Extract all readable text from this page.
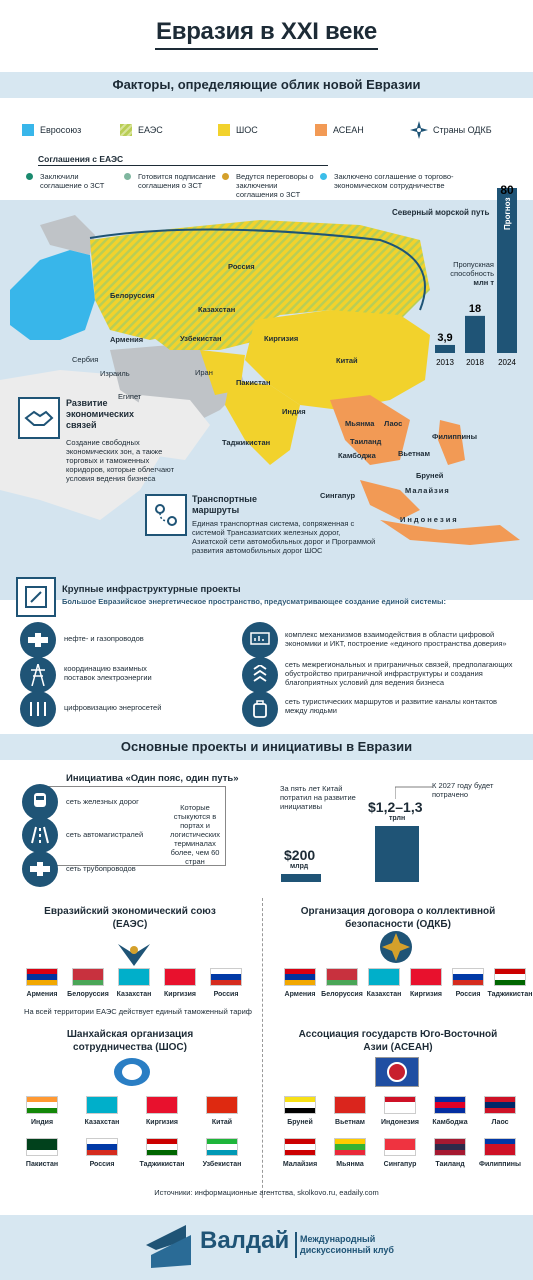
Евразия в XXI веке
Факторы, определяющие облик новой Евразии
Евросоюз	ЕАЭС	ШОС	АСЕАН	Страны ОДКБ
Соглашения с ЕАЭС
Заключили соглашение о ЗСТ
Готовится подписание соглашения о ЗСТ
Ведутся переговоры о заключении соглашения о ЗСТ
Заключено соглашение о торгово-экономическом сотрудничестве
Северный морской путь
Пропускная способность
млн т
2013
3,9
2018
18
2024
80
Прогноз
Россия
Белоруссия
Казахстан
Армения	Узбекистан	Киргизия
Сербия
Израиль
Египет
Иран
Китай
Пакистан
Индия
Таджикистан
Мьянма Лаос
Таиланд
Вьетнам
Камбоджа
Филиппины
Бруней
Малайзия
Сингапур
Индонезия
Развитие экономических связей
Создание свободных экономических зон, а также торговых и таможенных коридоров, которые облегчают условия ведения бизнеса
Транспортные маршруты
Единая транспортная система, сопряженная с системой Трансазиатских железных дорог, Азиатской сети автомобильных дорог и Программой развития автомобильных дорог ШОС
Крупные инфраструктурные проекты
Большое Евразийское энергетическое пространство, предусматривающее создание единой системы:
нефте- и газопроводов
координацию взаимных поставок электроэнергии
цифровизацию энергосетей
комплекс механизмов взаимодействия в области цифровой экономики и ИКТ, построение «единого пространства доверия»
сеть межрегиональных и приграничных связей, предполагающих обустройство приграничной инфраструктуры и создания благоприятных условий для ведения бизнеса
сеть туристических маршрутов и развитие каналы контактов между людьми
Основные проекты и инициативы в Евразии
Инициатива «Один пояс, один путь»
сеть железных дорог
сеть автомагистралей
сеть трубопроводов
Которые стыкуются в портах и логистических терминалах более, чем 60 стран
За пять лет Китай потратил на развитие инициативы
$200
млрд
К 2027 году будет потрачено
$1,2–1,3
трлн
Евразийский экономический союз (ЕАЭС)
Армения	Белоруссия	Казахстан	Киргизия	Россия
На всей территории ЕАЭС действует единый таможенный тариф
Организация договора о коллективной безопасности (ОДКБ)
Армения Белоруссия Казахстан	Киргизия	Россия	Таджикистан
Шанхайская организация сотрудничества (ШОС)
Индия	Казахстан	Киргизия	Китай
Пакистан	Россия	Таджикистан	Узбекистан
Ассоциация государств Юго-Восточной Азии (АСЕАН)
Бруней	Вьетнам	Индонезия	Камбоджа	Лаос
Малайзия	Мьянма	Сингапур	Таиланд	Филиппины
Источники: информационные агентства, skolkovo.ru, eadaily.com
Валдай Международный
дискуссионный клуб
